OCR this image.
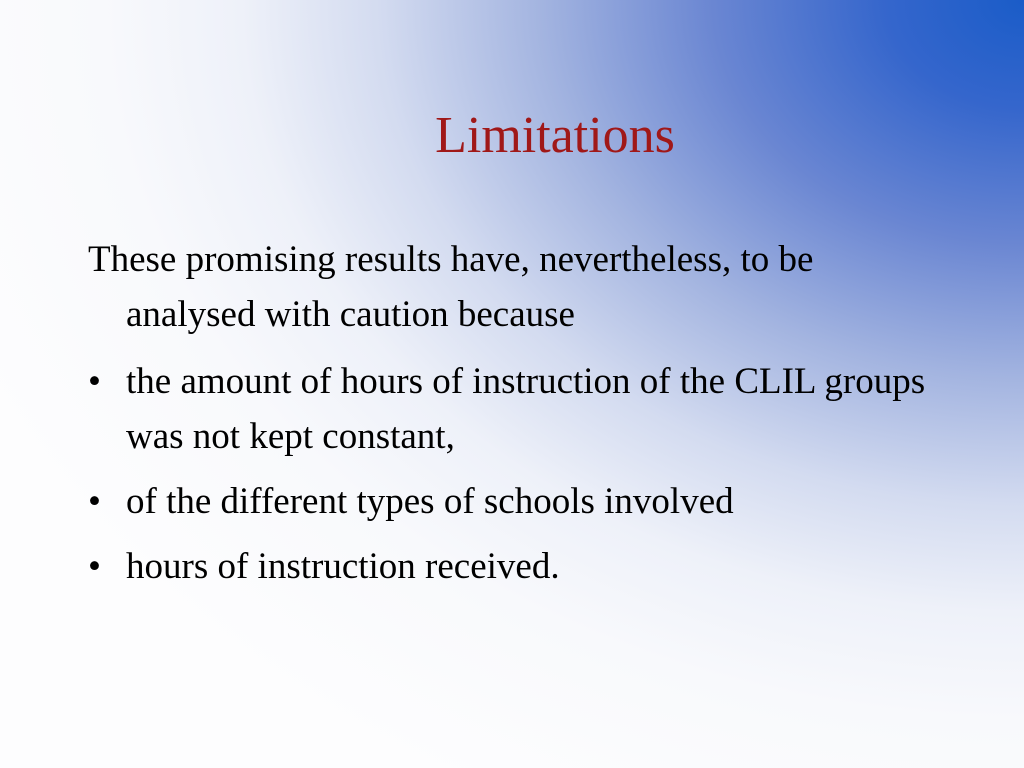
Limitations

These promising results have, nevertheless, to be analysed with caution because

• the amount of hours of instruction of the CLIL groups was not kept constant,
• of the different types of schools involved
• hours of instruction received.
